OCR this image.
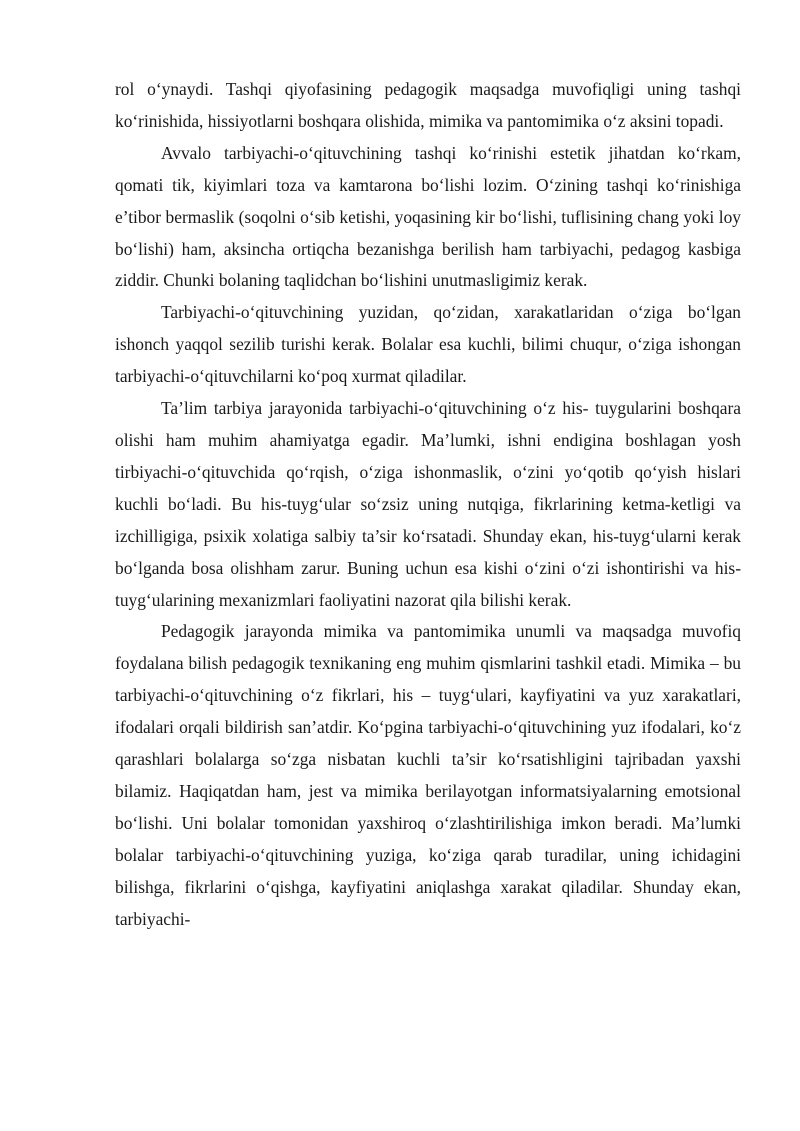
rol o‘ynaydi. Tashqi qiyofasining pedagogik maqsadga muvofiqligi uning tashqi ko‘rinishida, hissiyotlarni boshqara olishida, mimika va pantomimika o‘z aksini topadi.

Avvalo tarbiyachi-o‘qituvchining tashqi ko‘rinishi estetik jihatdan ko‘rkam, qomati tik, kiyimlari toza va kamtarona bo‘lishi lozim. O‘zining tashqi ko‘rinishiga e’tibor bermaslik (soqolni o‘sib ketishi, yoqasining kir bo‘lishi, tuflisining chang yoki loy bo‘lishi) ham, aksincha ortiqcha bezanishga berilish ham tarbiyachi, pedagog kasbiga ziddir. Chunki bolaning taqlidchan bo‘lishini unutmasligimiz kerak.

Tarbiyachi-o‘qituvchining yuzidan, qo‘zidan, xarakatlaridan o‘ziga bo‘lgan ishonch yaqqol sezilib turishi kerak. Bolalar esa kuchli, bilimi chuqur, o‘ziga ishongan tarbiyachi-o‘qituvchilarni ko‘poq xurmat qiladilar.

Ta’lim tarbiya jarayonida tarbiyachi-o‘qituvchining o‘z his- tuygularini boshqara olishi ham muhim ahamiyatga egadir. Ma’lumki, ishni endigina boshlagan yosh tirbiyachi-o‘qituvchida qo‘rqish, o‘ziga ishonmaslik, o‘zini yo‘qotib qo‘yish hislari kuchli bo‘ladi. Bu his-tuyg‘ular so‘zsiz uning nutqiga, fikrlarining ketma-ketligi va izchilligiga, psixik xolatiga salbiy ta’sir ko‘rsatadi. Shunday ekan, his-tuyg‘ularni kerak bo‘lganda bosa olishham zarur. Buning uchun esa kishi o‘zini o‘zi ishontirishi va his-tuyg‘ularining mexanizmlari faoliyatini nazorat qila bilishi kerak.

Pedagogik jarayonda mimika va pantomimika unumli va maqsadga muvofiq foydalana bilish pedagogik texnikaning eng muhim qismlarini tashkil etadi. Mimika – bu tarbiyachi-o‘qituvchining o‘z fikrlari, his – tuyg‘ulari, kayfiyatini va yuz xarakatlari, ifodalari orqali bildirish san’atdir. Ko‘pgina tarbiyachi-o‘qituvchining yuz ifodalari, ko‘z qarashlari bolalarga so‘zga nisbatan kuchli ta’sir ko‘rsatishligini tajribadan yaxshi bilamiz. Haqiqatdan ham, jest va mimika berilayotgan informatsiyalarning emotsional bo‘lishi. Uni bolalar tomonidan yaxshiroq o‘zlashtirilishiga imkon beradi. Ma’lumki bolalar tarbiyachi-o‘qituvchining yuziga, ko‘ziga qarab turadilar, uning ichidagini bilishga, fikrlarini o‘qishga, kayfiyatini aniqlashga xarakat qiladilar. Shunday ekan, tarbiyachi-
